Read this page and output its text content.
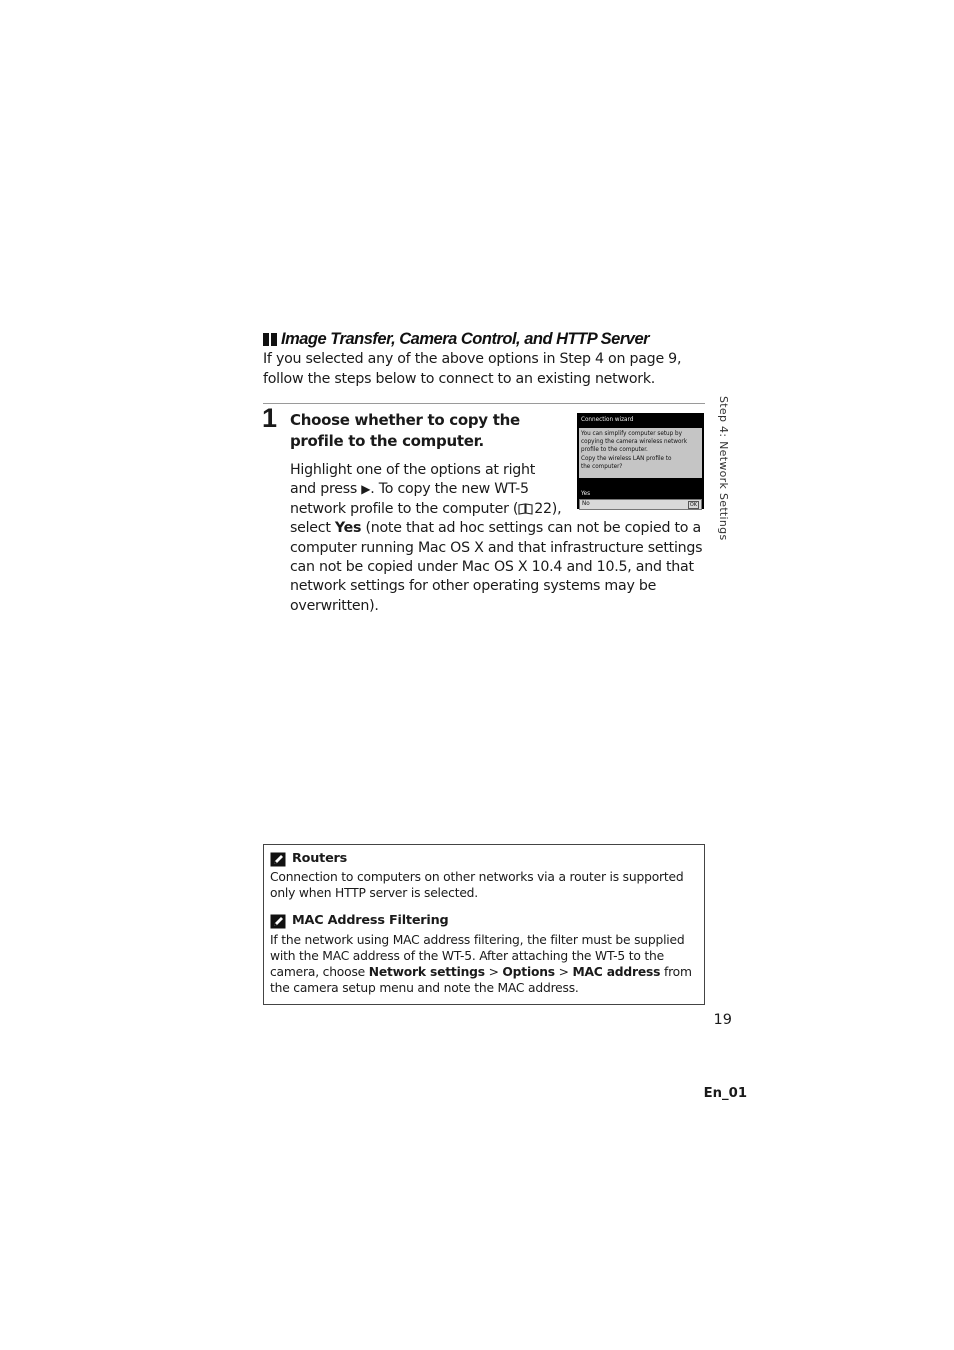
Image Transfer, Camera Control, and HTTP Server
If you selected any of the above options in Step 4 on page 9, follow the steps below to connect to an existing network.
1 Choose whether to copy the profile to the computer.
Highlight one of the options at right and press ▶. To copy the new WT-5 network profile to the computer ( 22), select Yes (note that ad hoc settings can not be copied to a computer running Mac OS X and that infrastructure settings can not be copied under Mac OS X 10.4 and 10.5, and that network settings for other operating systems may be overwritten).
Connection wizard
You can simplify computer setup by
copying the camera wireless network
profile to the computer.
Copy the wireless LAN profile to
the computer?
Yes
No	OK Step 4: Network Settings
Routers
Connection to computers on other networks via a router is supported only when HTTP server is selected.
MAC Address Filtering
If the network using MAC address filtering, the filter must be supplied with the MAC address of the WT-5. After attaching the WT-5 to the camera, choose Network settings > Options > MAC address from the camera setup menu and note the MAC address.
19
En_01
